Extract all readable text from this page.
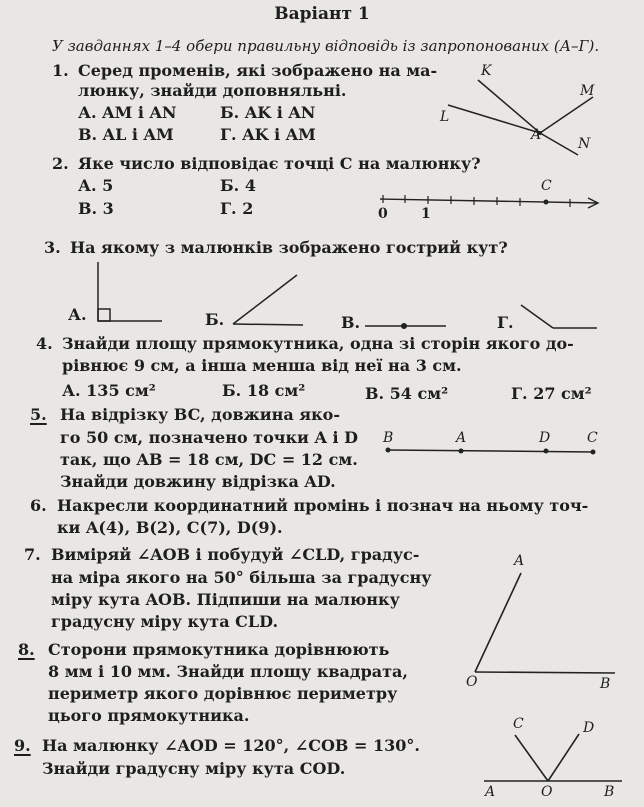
Варіант 1
У завданнях 1–4 обери правильну відповідь із запропонованих (А–Г).
1. Серед променів, які зображено на ма-
люнку, знайди доповняльні.
А. AM і AN	Б. AK і AN
В. AL і AM	Г. AK і AM
K
M
L
A
N
2. Яке число відповідає точці C на малюнку?
А. 5	Б. 4
В. 3	Г. 2
C
0 1
3. На якому з малюнків зображено гострий кут?
А.	Б.	В.	Г.
4. Знайди площу прямокутника, одна зі сторін якого до-
рівнює 9 см, а інша менша від неї на 3 см.
А. 135 см²	Б. 18 см²	В. 54 см²	Г. 27 см²
5. На відрізку BC, довжина яко-
го 50 см, позначено точки A і D
так, що AB = 18 см, DC = 12 см.
Знайди довжину відрізка AD.
B	A	D	C
6. Накресли координатний промінь і познач на ньому точ-
ки A(4), B(2), C(7), D(9).
7. Виміряй ∠AOB і побудуй ∠CLD, градус-
на міра якого на 50° більша за градусну
міру кута AOB. Підпиши на малюнку
градусну міру кута CLD.
A
O	B
8. Сторони прямокутника дорівнюють
8 мм і 10 мм. Знайди площу квадрата,
периметр якого дорівнює периметру
цього прямокутника.
9. На малюнку ∠AOD = 120°, ∠COB = 130°.
Знайди градусну міру кута COD.
C	D
A	O	B
